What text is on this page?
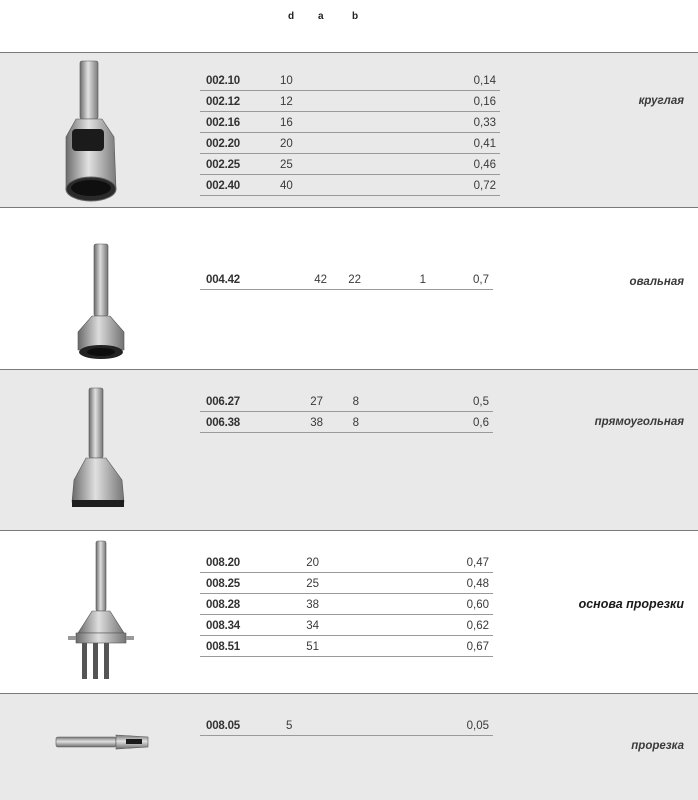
d a	b
002.10	10	0,14
002.12	12	0,16
002.16	16	0,33
002.20	20	0,41
002.25	25	0,46
002.40	40	0,72
круглая
004.42	42	22	1	0,7	овальная
006.27	27	8	0,5
006.38	38	8	0,6	прямоугольная
008.20	20	0,47
008.25	25	0,48
008.28	38	0,60
008.34	34	0,62
008.51	51	0,67
основа прорезки
008.05	5	0,05
прорезка
